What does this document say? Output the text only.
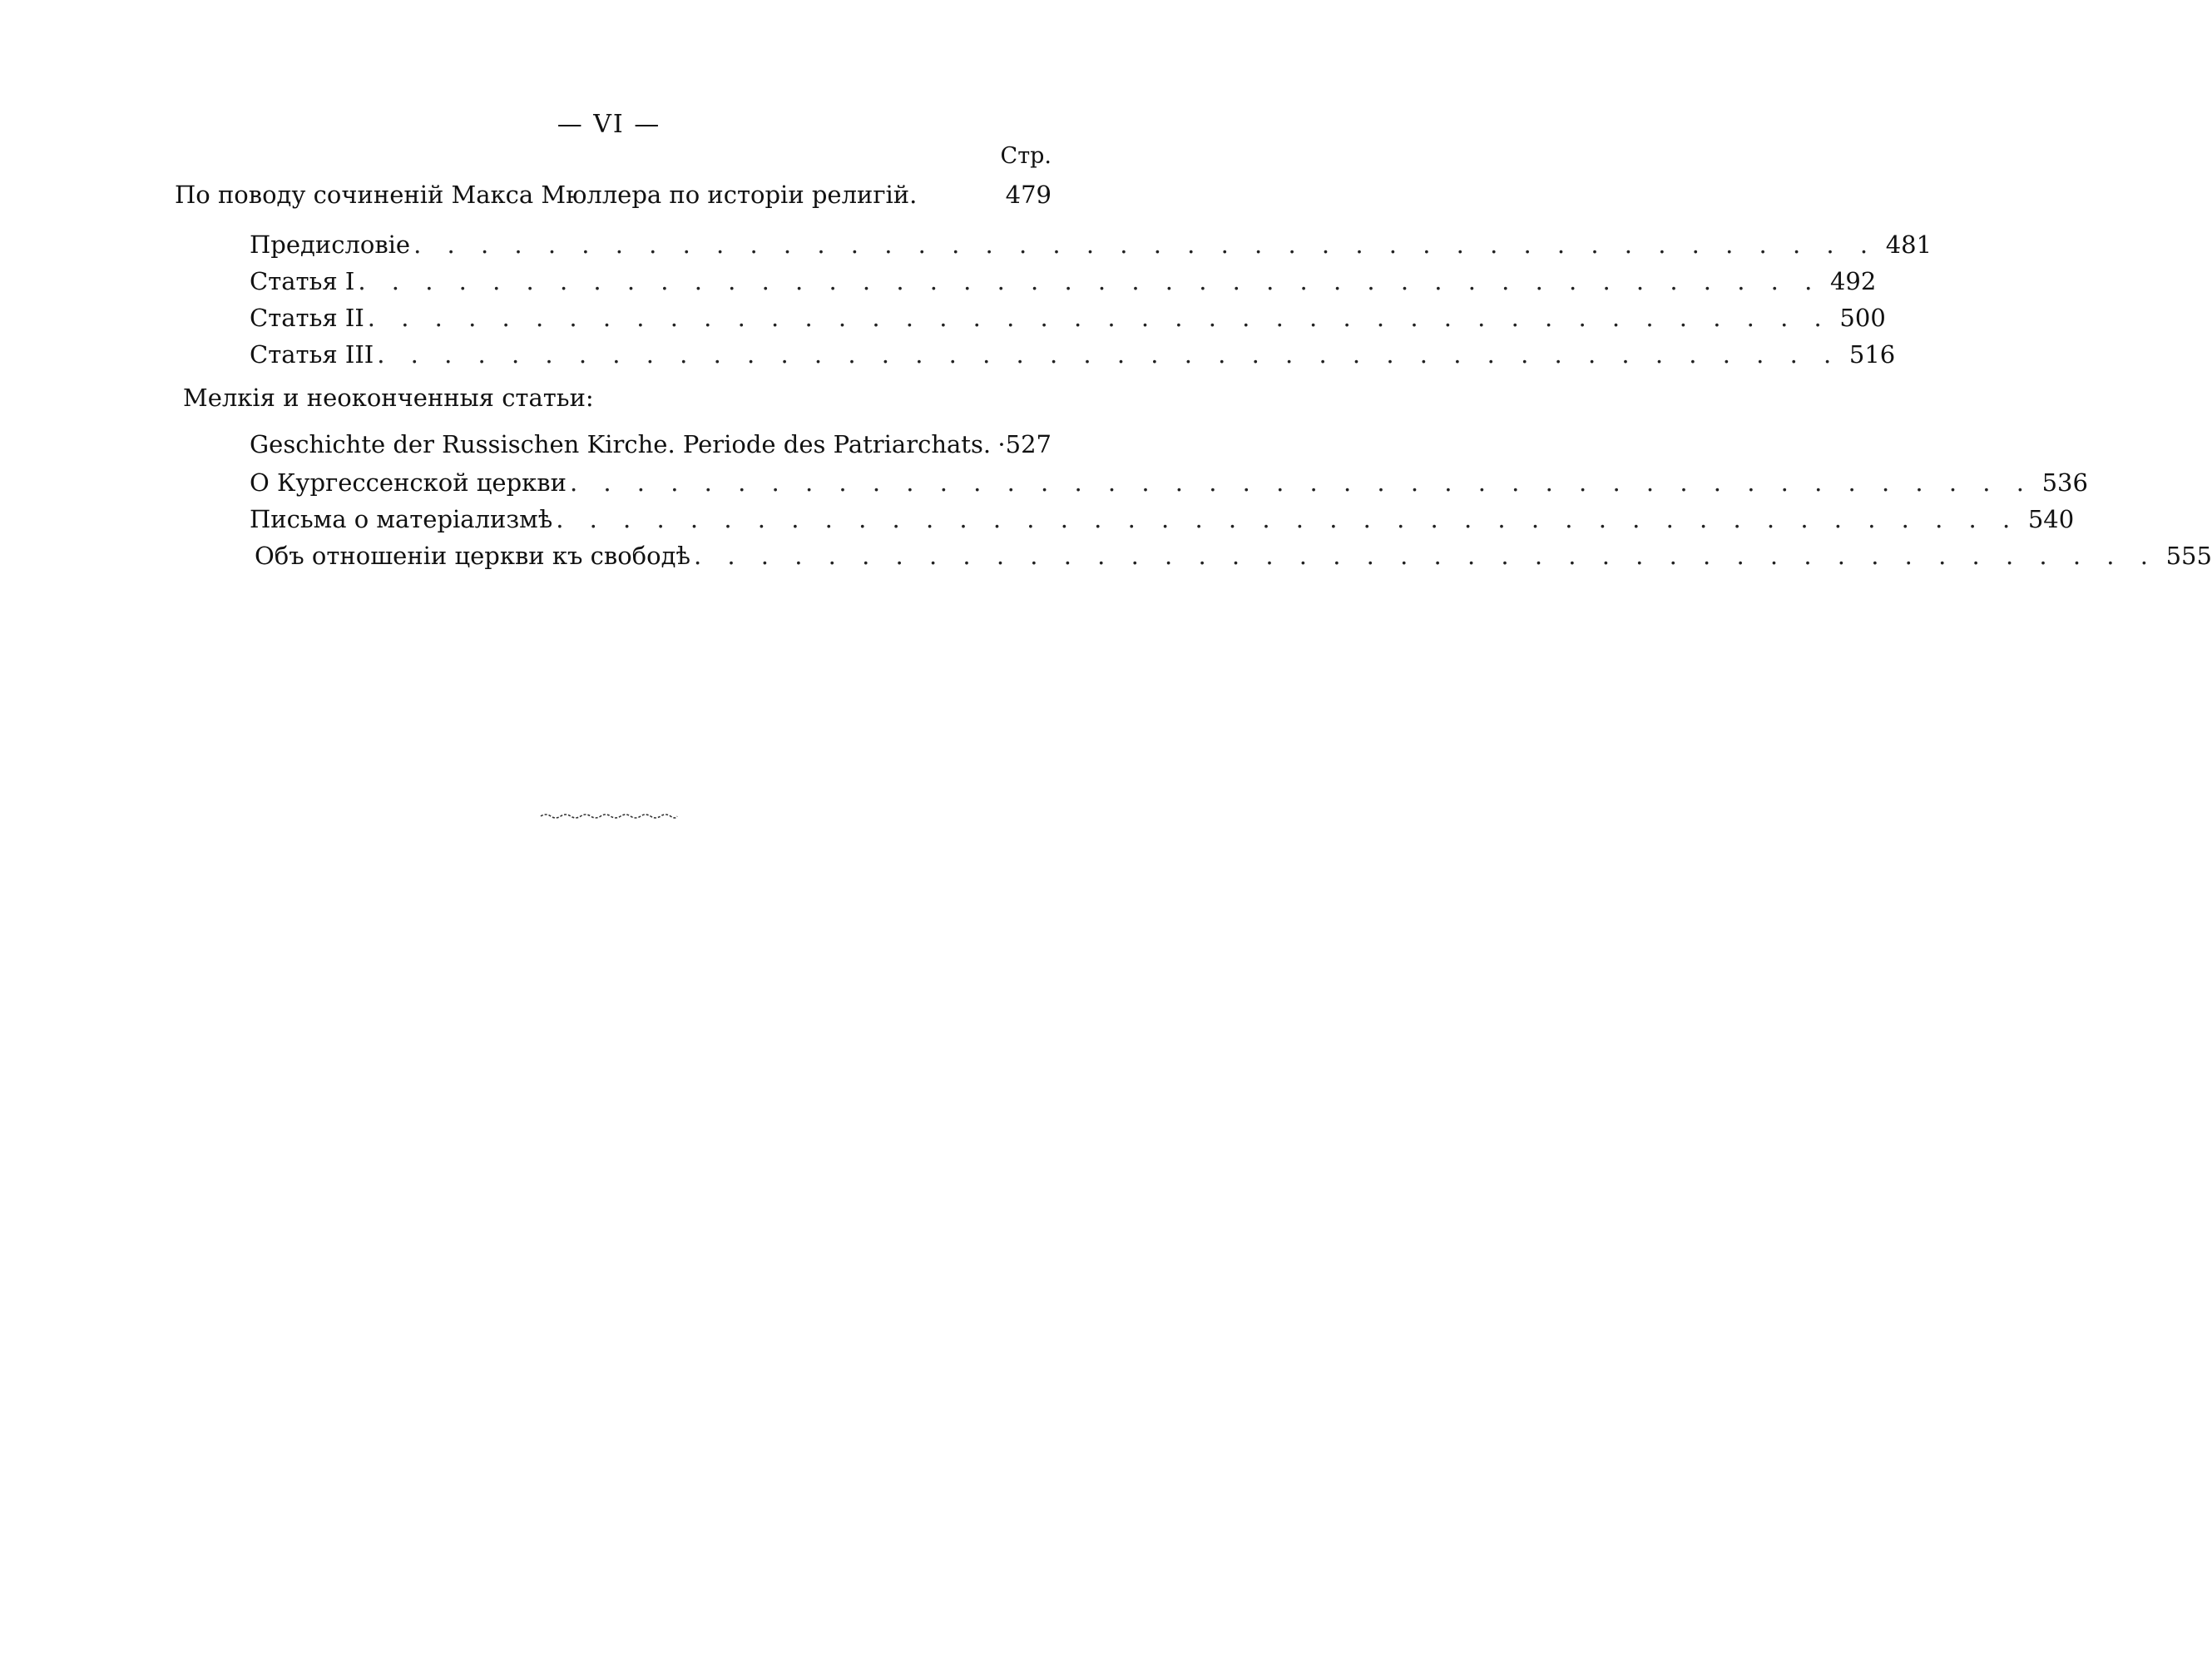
— VI —
Стр.
По поводу сочиненій Макса Мюллера по исторіи религій.	479
Предисловіе . . . . . . . . . . . . . . . . . . . . . . . . . . . . . . . . . . . . . . . . . . . . 481
Статья I . . . . . . . . . . . . . . . . . . . . . . . . . . . . . . . . . . . . . . . . . . . . 492
Статья II . . . . . . . . . . . . . . . . . . . . . . . . . . . . . . . . . . . . . . . . . . . . 500
Статья III . . . . . . . . . . . . . . . . . . . . . . . . . . . . . . . . . . . . . . . . . . . . 516
Мелкія и неоконченныя статьи:
Geschichte der Russischen Kirche. Periode des Patriarchats. ·527
О Кургессенской церкви . . . . . . . . . . . . . . . . . . . . . . . . . . . . . . . . . . . . . . . . . . . . 536
Письма о матеріализмѣ . . . . . . . . . . . . . . . . . . . . . . . . . . . . . . . . . . . . . . . . . . . . 540
Объ отношеніи церкви къ свободѣ . . . . . . . . . . . . . . . . . . . . . . . . . . . . . . . . . . . . . . . . . . . . 555
